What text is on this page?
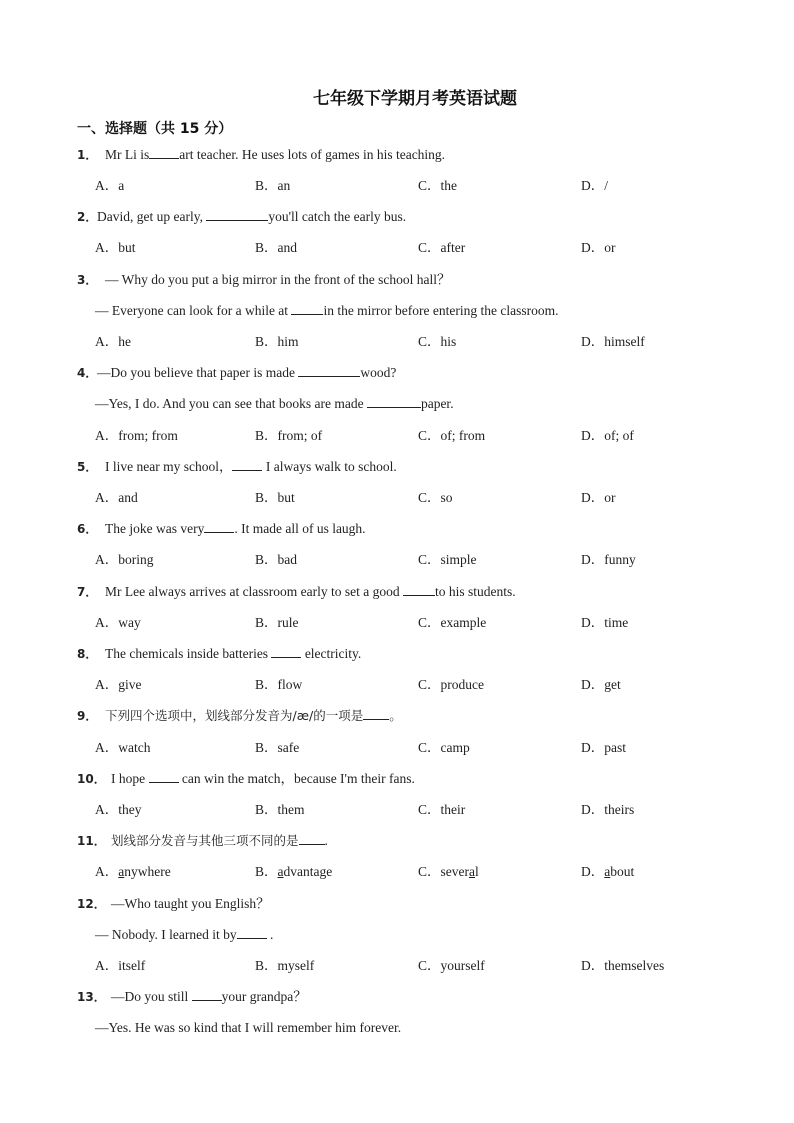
七年级下学期月考英语试题
一、选择题（共 15 分）
1． Mr Li is art teacher. He uses lots of games in his teaching.
A．a	B．an	C．the	D．/
2．David, get up early,	you'll catch the early bus.
A．but	B．and	C．after	D．or
3． — Why do you put a big mirror in the front of the school hall？
— Everyone can look for a while at in the mirror before entering the classroom.
A．he	B．him	C．his	D．himself
4．—Do you believe that paper is made	wood?
—Yes, I do. And you can see that books are made	paper.
A．from; from	B．from; of	C．of; from	D．of; of
5． I live near my school， I always walk to school.
A．and	B．but	C．so	D．or
6． The joke was very . It made all of us laugh.
A．boring	B．bad	C．simple	D．funny
7． Mr Lee always arrives at classroom early to set a good to his students.
A．way	B．rule	C．example	D．time
8． The chemicals inside batteries  electricity.
A．give	B．flow	C．produce	D．get
9． 下列四个选项中，划线部分发音为/æ/的一项是 。
A．watch	B．safe	C．camp	D．past
10． I hope  can win the match，because I'm their fans.
A．they	B．them	C．their	D．theirs
11． 划线部分发音与其他三项不同的是 .
A．anywhere	B．advantage	C．several	D．about
12． —Who taught you English？
— Nobody. I learned it by .
A．itself	B．myself	C．yourself	D．themselves
13． —Do you still your grandpa？
—Yes. He was so kind that I will remember him forever.
